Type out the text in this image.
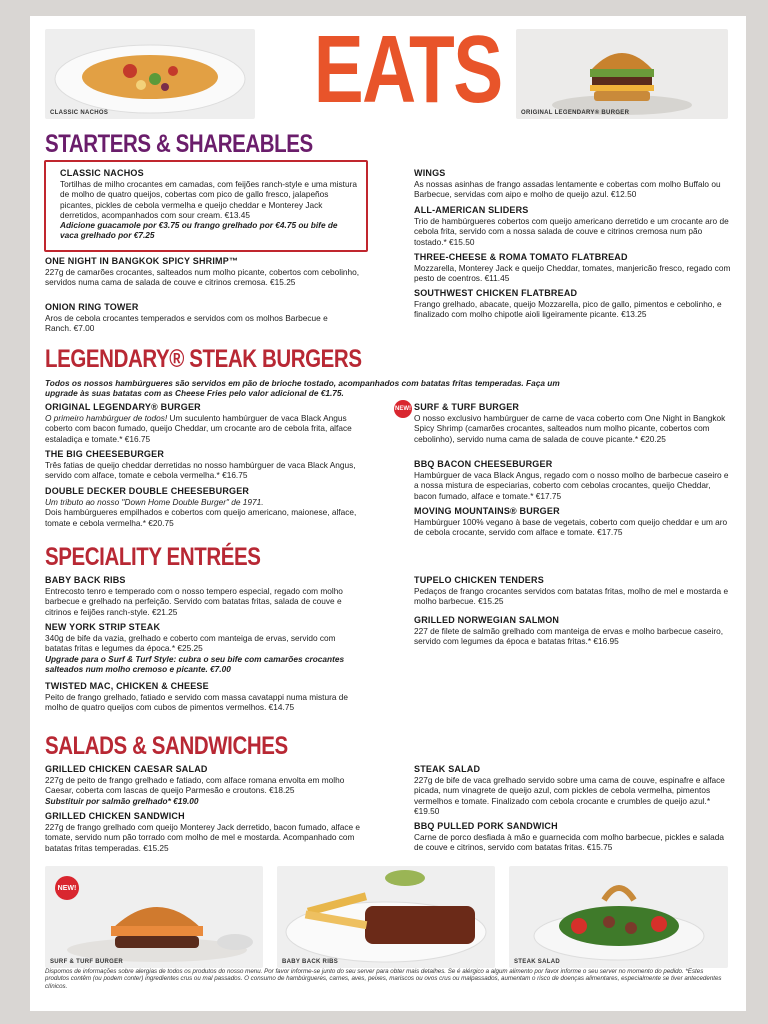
CLASSIC NACHOS EATS	ORIGINAL LEGENDARY® BURGER
STARTERS & SHAREABLES
CLASSIC NACHOS
Tortilhas de milho crocantes em camadas, com feijões ranch-style e uma mistura de molho de quatro queijos, cobertas com pico de gallo fresco, jalapeños picantes, pickles de cebola vermelha e queijo cheddar e Monterey Jack derretidos, acompanhados com sour cream. €13.45
Adicione guacamole por €3.75 ou frango grelhado por €4.75 ou bife de vaca grelhado por €7.25
ONE NIGHT IN BANGKOK SPICY SHRIMP™
227g de camarões crocantes, salteados num molho picante, cobertos com cebolinho, servidos numa cama de salada de couve e citrinos cremosa. €15.25
ONION RING TOWER
Aros de cebola crocantes temperados e servidos com os molhos Barbecue e Ranch. €7.00
WINGS
As nossas asinhas de frango assadas lentamente e cobertas com molho Buffalo ou Barbecue, servidas com aipo e molho de queijo azul. €12.50
ALL-AMERICAN SLIDERS
Trio de hambúrgueres cobertos com queijo americano derretido e um crocante aro de cebola frita, servido com a nossa salada de couve e citrinos cremosa num pão tostado.* €15.50
THREE-CHEESE & ROMA TOMATO FLATBREAD
Mozzarella, Monterey Jack e queijo Cheddar, tomates, manjericão fresco, regado com pesto de coentros. €11.45
SOUTHWEST CHICKEN FLATBREAD
Frango grelhado, abacate, queijo Mozzarella, pico de gallo, pimentos e cebolinho, e finalizado com molho chipotle aioli ligeiramente picante. €13.25
LEGENDARY® STEAK BURGERS
Todos os nossos hambúrgueres são servidos em pão de brioche tostado, acompanhados com batatas fritas temperadas. Faça um upgrade às suas batatas com as Cheese Fries pelo valor adicional de €1.75.
ORIGINAL LEGENDARY® BURGER
O primeiro hambúrguer de todos! Um suculento hambúrguer de vaca Black Angus coberto com bacon fumado, queijo Cheddar, um crocante aro de cebola frita, alface estaladiça e tomate.* €16.75
THE BIG CHEESEBURGER
Três fatias de queijo cheddar derretidas no nosso hambúrguer de vaca Black Angus, servido com alface, tomate e cebola vermelha.* €16.75
DOUBLE DECKER DOUBLE CHEESEBURGER
Um tributo ao nosso "Down Home Double Burger" de 1971.
Dois hambúrgueres empilhados e cobertos com queijo americano, maionese, alface, tomate e cebola vermelha.* €20.75
NEW! SURF & TURF BURGER
O nosso exclusivo hambúrguer de carne de vaca coberto com One Night in Bangkok Spicy Shrimp (camarões crocantes, salteados num molho picante, cobertos com cebolinho), servido numa cama de salada de couve picante.* €20.25
BBQ BACON CHEESEBURGER
Hambúrguer de vaca Black Angus, regado com o nosso molho de barbecue caseiro e a nossa mistura de especiarias, coberto com cebolas crocantes, queijo Cheddar, bacon fumado, alface e tomate.* €17.75
MOVING MOUNTAINS® BURGER
Hambúrguer 100% vegano à base de vegetais, coberto com queijo cheddar e um aro de cebola crocante, servido com alface e tomate. €17.75
SPECIALITY ENTRÉES
BABY BACK RIBS
Entrecosto tenro e temperado com o nosso tempero especial, regado com molho barbecue e grelhado na perfeição. Servido com batatas fritas, salada de couve e citrinos e feijões ranch-style. €21.25
NEW YORK STRIP STEAK
340g de bife da vazia, grelhado e coberto com manteiga de ervas, servido com batatas fritas e legumes da época.* €25.25
Upgrade para o Surf & Turf Style: cubra o seu bife com camarões crocantes salteados num molho cremoso e picante. €7.00
TWISTED MAC, CHICKEN & CHEESE
Peito de frango grelhado, fatiado e servido com massa cavatappi numa mistura de molho de quatro queijos com cubos de pimentos vermelhos. €14.75
TUPELO CHICKEN TENDERS
Pedaços de frango crocantes servidos com batatas fritas, molho de mel e mostarda e molho barbecue. €15.25
GRILLED NORWEGIAN SALMON
227 de filete de salmão grelhado com manteiga de ervas e molho barbecue caseiro, servido com legumes da época e batatas fritas.* €16.95
SALADS & SANDWICHES
GRILLED CHICKEN CAESAR SALAD
227g de peito de frango grelhado e fatiado, com alface romana envolta em molho Caesar, coberta com lascas de queijo Parmesão e croutons. €18.25
Substituir por salmão grelhado* €19.00
GRILLED CHICKEN SANDWICH
227g de frango grelhado com queijo Monterey Jack derretido, bacon fumado, alface e tomate, servido num pão torrado com molho de mel e mostarda. Acompanhado com batatas fritas temperadas. €15.25
STEAK SALAD
227g de bife de vaca grelhado servido sobre uma cama de couve, espinafre e alface picada, num vinagrete de queijo azul, com pickles de cebola vermelha, pimentos vermelhos e tomate. Finalizado com cebola crocante e crumbles de queijo azul.* €19.50
BBQ PULLED PORK SANDWICH
Carne de porco desfiada à mão e guarnecida com molho barbecue, pickles e salada de couve e citrinos, servido com batatas fritas. €15.75
NEW!
SURF & TURF BURGER	BABY BACK RIBS	STEAK SALAD
Dispomos de informações sobre alergias de todos os produtos do nosso menu. Por favor informe-se junto do seu server para obter mais detalhes. Se é alérgico a algum alimento por favor informe o seu server no momento do pedido. *Estes produtos contêm (ou podem conter) ingredientes crus ou mal passados. O consumo de hambúrgueres, carnes, aves, peixes, mariscos ou ovos crus ou malpassados, aumentam o risco de doenças alimentares, especialmente se tiver antecedentes clínicos.
